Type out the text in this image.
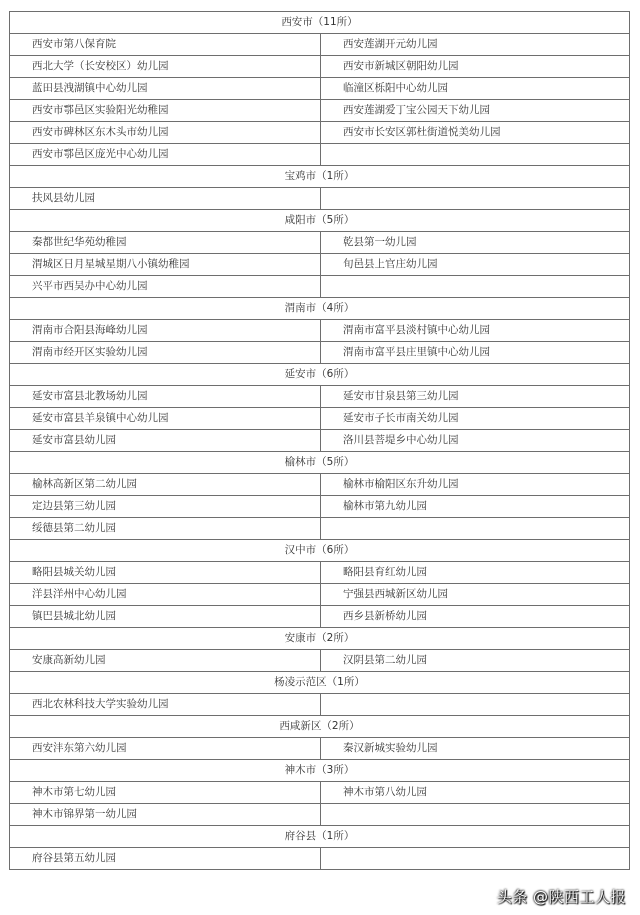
西安市（11所）	
西安市第八保育院	西安莲湖开元幼儿园
西北大学（长安校区）幼儿园	西安市新城区朝阳幼儿园
蓝田县洩湖镇中心幼儿园	临潼区栎阳中心幼儿园
西安市鄠邑区实验阳光幼稚园	西安莲湖爱丁宝公园天下幼儿园
西安市碑林区东木头市幼儿园	西安市长安区郭杜街道悦美幼儿园
西安市鄠邑区庞光中心幼儿园	
宝鸡市（1所）	
扶风县幼儿园	
咸阳市（5所）	
秦都世纪华苑幼稚园	乾县第一幼儿园
渭城区日月星城星期八小镇幼稚园	旬邑县上官庄幼儿园
兴平市西吴办中心幼儿园	
渭南市（4所）	
渭南市合阳县海峰幼儿园	渭南市富平县淡村镇中心幼儿园
渭南市经开区实验幼儿园	渭南市富平县庄里镇中心幼儿园
延安市（6所）	
延安市富县北教场幼儿园	延安市甘泉县第三幼儿园
延安市富县羊泉镇中心幼儿园	延安市子长市南关幼儿园
延安市富县幼儿园	洛川县菩堤乡中心幼儿园
榆林市（5所）	
榆林高新区第二幼儿园	榆林市榆阳区东升幼儿园
定边县第三幼儿园	榆林市第九幼儿园
绥德县第二幼儿园	
汉中市（6所）	
略阳县城关幼儿园	略阳县育红幼儿园
洋县洋州中心幼儿园	宁强县西城新区幼儿园
镇巴县城北幼儿园	西乡县新桥幼儿园
安康市（2所）	
安康高新幼儿园	汉阴县第二幼儿园
杨凌示范区（1所）	
西北农林科技大学实验幼儿园	
西咸新区（2所）	
西安沣东第六幼儿园	秦汉新城实验幼儿园
神木市（3所）	
神木市第七幼儿园	神木市第八幼儿园
神木市锦界第一幼儿园	
府谷县（1所）	
府谷县第五幼儿园	
头条 @陕西工人报
